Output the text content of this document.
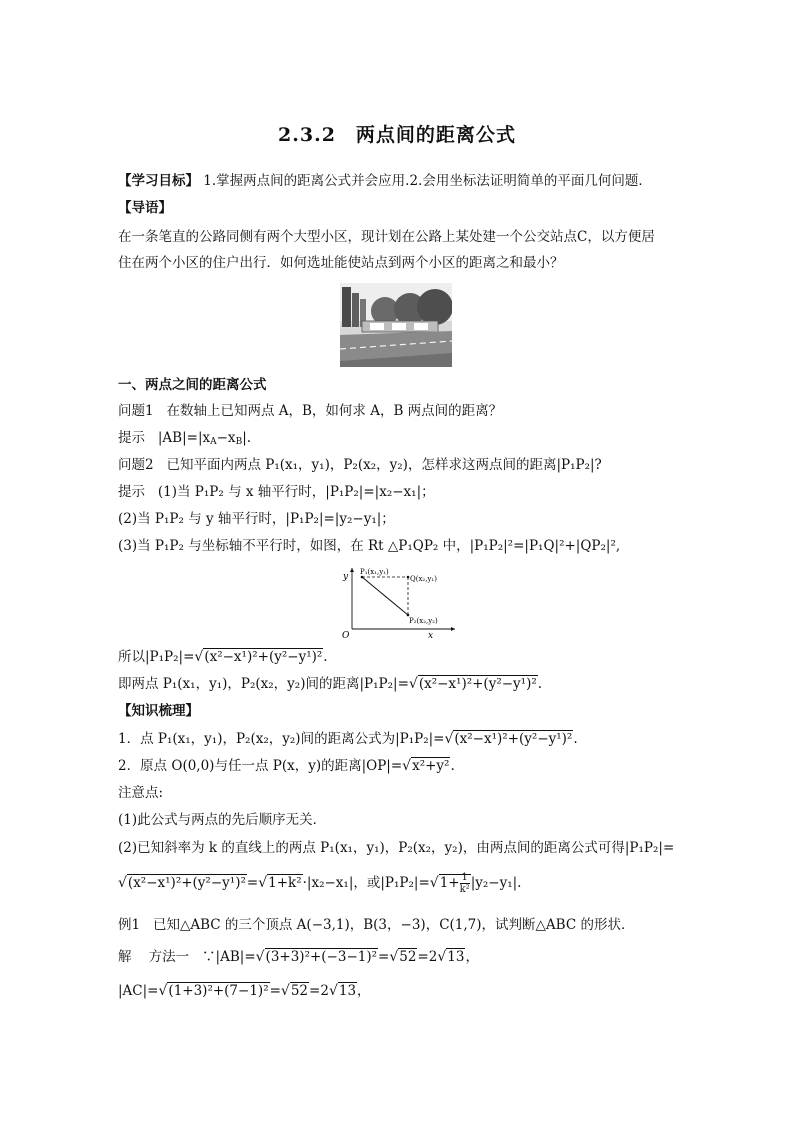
2.3.2　两点间的距离公式
【学习目标】 1.掌握两点间的距离公式并会应用.2.会用坐标法证明简单的平面几何问题．
【导语】
在一条笔直的公路同侧有两个大型小区，现计划在公路上某处建一个公交站点C，以方便居
住在两个小区的住户出行．如何选址能使站点到两个小区的距离之和最小？
一、两点之间的距离公式
问题1 在数轴上已知两点 A，B，如何求 A，B 两点间的距离？
提示 $|AB|=|x_A-x_B|$.
问题2 已知平面内两点 P₁(x₁，y₁)，P₂(x₂，y₂)，怎样求这两点间的距离|P₁P₂|?
提示 (1)当 P₁P₂ 与 x 轴平行时，|P₁P₂|=|x₂−x₁|；
(2)当 P₁P₂ 与 y 轴平行时，|P₁P₂|=|y₂−y₁|；
(3)当 P₁P₂ 与坐标轴不平行时，如图，在 Rt △P₁QP₂ 中，|P₁P₂|²=|P₁Q|²+|QP₂|²,
y
x
O
P₁(x₁,y₁)
Q(x₂,y₁)
P₂(x₂,y₂)
所以|P₁P₂|=√(x²−x¹)²+(y²−y¹)².
即两点 P₁(x₁，y₁)，P₂(x₂，y₂)间的距离|P₁P₂|=√(x²−x¹)²+(y²−y¹)².
【知识梳理】
1．点 P₁(x₁，y₁)，P₂(x₂，y₂)间的距离公式为|P₁P₂|=√(x²−x¹)²+(y²−y¹)².
2．原点 O(0,0)与任一点 P(x，y)的距离|OP|=√x²+y².
注意点:
(1)此公式与两点的先后顺序无关．
(2)已知斜率为 k 的直线上的两点 P₁(x₁，y₁)，P₂(x₂，y₂)，由两点间的距离公式可得|P₁P₂|=
√(x²−x¹)²+(y²−y¹)²=√1+k²·|x₂−x₁|，或$|P_1P_2|=√1+ \frac{1}{\text{k²}} |y_2-y_1|$.
例1 已知△ABC 的三个顶点 A(−3,1)，B(3，−3)，C(1,7)，试判断△ABC 的形状．
解 方法一 ∵|AB|=√(3+3)²+(−3−1)²=√52=2√13，
|AC|=√(1+3)²+(7−1)²=√52=2√13，
